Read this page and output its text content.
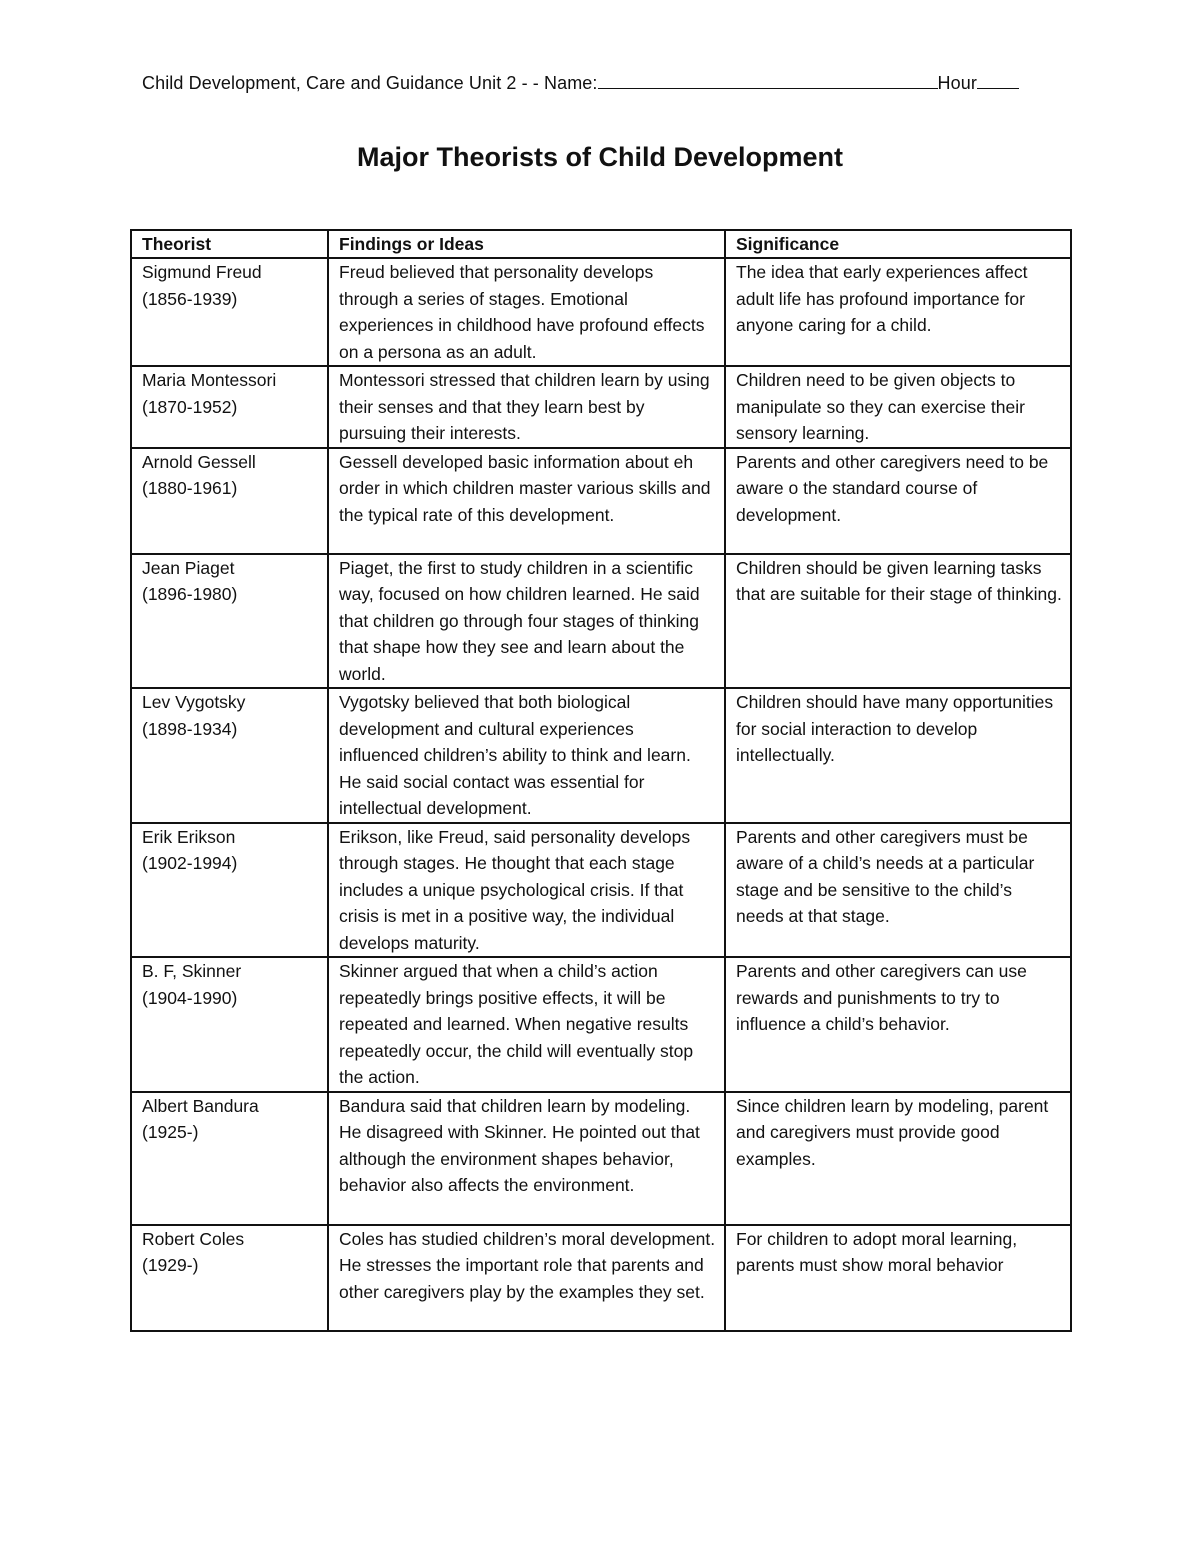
Child Development, Care and Guidance Unit 2 - - Name:	Hour
Major Theorists of Child Development
Theorist	Findings or Ideas	Significance

Sigmund Freud
(1856-1939)	Freud believed that personality develops through a series of stages. Emotional experiences in childhood have profound effects on a persona as an adult.	The idea that early experiences affect adult life has profound importance for anyone caring for a child.

Maria Montessori
(1870-1952)	Montessori stressed that children learn by using their senses and that they learn best by pursuing their interests.	Children need to be given objects to manipulate so they can exercise their sensory learning.

Arnold Gessell
(1880-1961)	Gessell developed basic information about eh order in which children master various skills and the typical rate of this development.	Parents and other caregivers need to be aware o the standard course of development.

Jean Piaget
(1896-1980)	Piaget, the first to study children in a scientific way, focused on how children learned. He said that children go through four stages of thinking that shape how they see and learn about the world.	Children should be given learning tasks that are suitable for their stage of thinking.

Lev Vygotsky
(1898-1934)	Vygotsky believed that both biological development and cultural experiences influenced children’s ability to think and learn. He said social contact was essential for intellectual development.	Children should have many opportunities for social interaction to develop intellectually.

Erik Erikson
(1902-1994)	Erikson, like Freud, said personality develops through stages. He thought that each stage includes a unique psychological crisis. If that crisis is met in a positive way, the individual develops maturity.	Parents and other caregivers must be aware of a child’s needs at a particular stage and be sensitive to the child’s needs at that stage.

B. F, Skinner
(1904-1990)	Skinner argued that when a child’s action repeatedly brings positive effects, it will be repeated and learned. When negative results repeatedly occur, the child will eventually stop the action.	Parents and other caregivers can use rewards and punishments to try to influence a child’s behavior.

Albert Bandura
(1925-)	Bandura said that children learn by modeling. He disagreed with Skinner. He pointed out that although the environment shapes behavior, behavior also affects the environment.	Since children learn by modeling, parent and caregivers must provide good examples.

Robert Coles
(1929-)	Coles has studied children’s moral development. He stresses the important role that parents and other caregivers play by the examples they set.	For children to adopt moral learning, parents must show moral behavior
